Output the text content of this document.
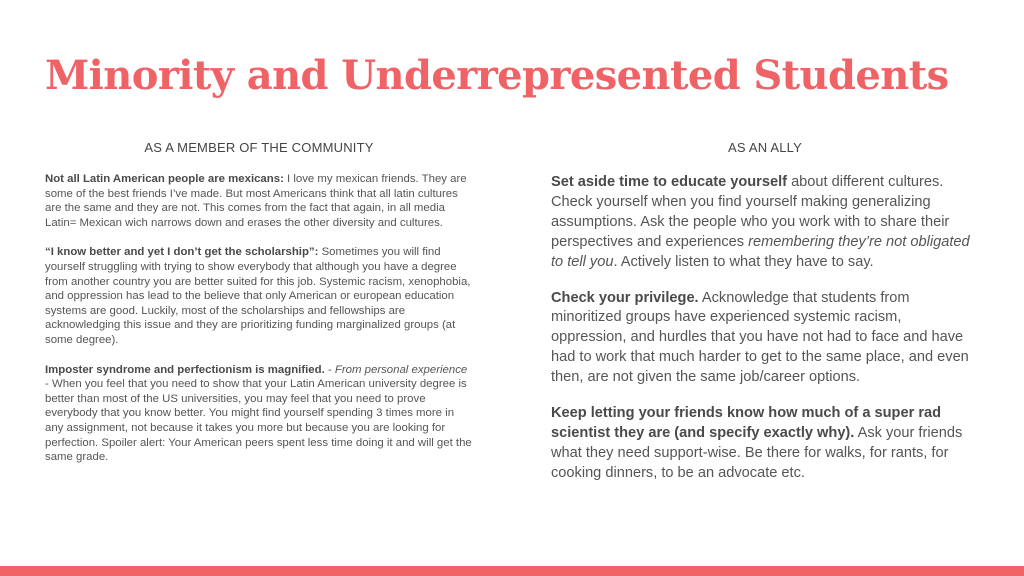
Minority and Underrepresented Students
AS A MEMBER OF THE COMMUNITY	AS AN ALLY

Not all Latin American people are mexicans: I love my mexican friends. They are some of the best friends I’ve made. But most Americans think that all latin cultures are the same and they are not. This comes from the fact that again, in all media Latin= Mexican wich narrows down and erases the other diversity and cultures.

“I know better and yet I don’t get the scholarship”: Sometimes you will find yourself struggling with trying to show everybody that although you have a degree from another country you are better suited for this job. Systemic racism, xenophobia, and oppression has lead to the believe that only American or european education systems are good. Luckily, most of the scholarships and fellowships are acknowledging this issue and they are prioritizing funding marginalized groups (at some degree).

Imposter syndrome and perfectionism is magnified. - From personal experience - When you feel that you need to show that your Latin American university degree is better than most of the US universities, you may feel that you need to prove everybody that you know better. You might find yourself spending 3 times more in any assignment, not because it takes you more but because you are looking for perfection. Spoiler alert: Your American peers spent less time doing it and will get the same grade.

Set aside time to educate yourself about different cultures. Check yourself when you find yourself making generalizing assumptions. Ask the people who you work with to share their perspectives and experiences remembering they’re not obligated to tell you. Actively listen to what they have to say.

Check your privilege. Acknowledge that students from minoritized groups have experienced systemic racism, oppression, and hurdles that you have not had to face and have had to work that much harder to get to the same place, and even then, are not given the same job/career options.

Keep letting your friends know how much of a super rad scientist they are (and specify exactly why). Ask your friends what they need support-wise. Be there for walks, for rants, for cooking dinners, to be an advocate etc.
